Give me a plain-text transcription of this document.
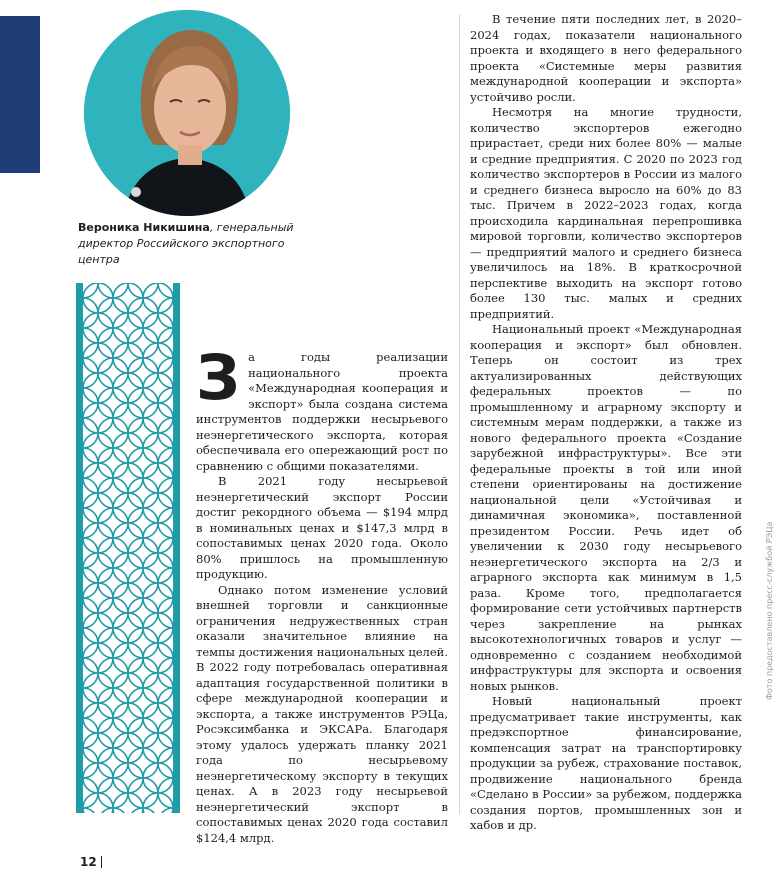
Вероника Никишина, генеральный директор Российского экспортного центра

За годы реализации национального проекта «Международная кооперация и экспорт» была создана система инструментов поддержки несырьевого неэнергетического экспорта, которая обеспечивала его опережающий рост по сравнению с общими показателями.

В 2021 году несырьевой неэнергетический экспорт России достиг рекордного объема — $194 млрд в номинальных ценах и $147,3 млрд в сопоставимых ценах 2020 года. Около 80% пришлось на промышленную продукцию.

Однако потом изменение условий внешней торговли и санкционные ограничения недружественных стран оказали значительное влияние на темпы достижения национальных целей. В 2022 году потребовалась оперативная адаптация государственной политики в сфере международной кооперации и экспорта, а также инструментов РЭЦа, Росэксимбанка и ЭКСАРа. Благодаря этому удалось удержать планку 2021 года по несырьевому неэнергетическому экспорту в текущих ценах. А в 2023 году несырьевой неэнергетический экспорт в сопоставимых ценах 2020 года составил $124,4 млрд.

В течение пяти последних лет, в 2020–2024 годах, показатели национального проекта и входящего в него федерального проекта «Системные меры развития международной кооперации и экспорта» устойчиво росли.

Несмотря на многие трудности, количество экспортеров ежегодно прирастает, среди них более 80% — малые и средние предприятия. С 2020 по 2023 год количество экспортеров в России из малого и среднего бизнеса выросло на 60% до 83 тыс. Причем в 2022–2023 годах, когда происходила кардинальная перепрошивка мировой торговли, количество экспортеров — предприятий малого и среднего бизнеса увеличилось на 18%. В краткосрочной перспективе выходить на экспорт готово более 130 тыс. малых и средних предприятий.

Национальный проект «Международная кооперация и экспорт» был обновлен. Теперь он состоит из трех актуализированных действующих федеральных проектов — по промышленному и аграрному экспорту и системным мерам поддержки, а также из нового федерального проекта «Создание зарубежной инфраструктуры». Все эти федеральные проекты в той или иной степени ориентированы на достижение национальной цели «Устойчивая и динамичная экономика», поставленной президентом России. Речь идет об увеличении к 2030 году несырьевого неэнергетического экспорта на 2/3 и аграрного экспорта как минимум в 1,5 раза. Кроме того, предполагается формирование сети устойчивых партнерств через закрепление на рынках высокотехнологичных товаров и услуг — одновременно с созданием необходимой инфраструктуры для экспорта и освоения новых рынков.

Новый национальный проект предусматривает такие инструменты, как предэкспортное финансирование, компенсация затрат на транспортировку продукции за рубеж, страхование поставок, продвижение национального бренда «Сделано в России» за рубежом, поддержка создания портов, промышленных зон и хабов и др.

12
Фото предоставлено пресс-службой РЭЦа
